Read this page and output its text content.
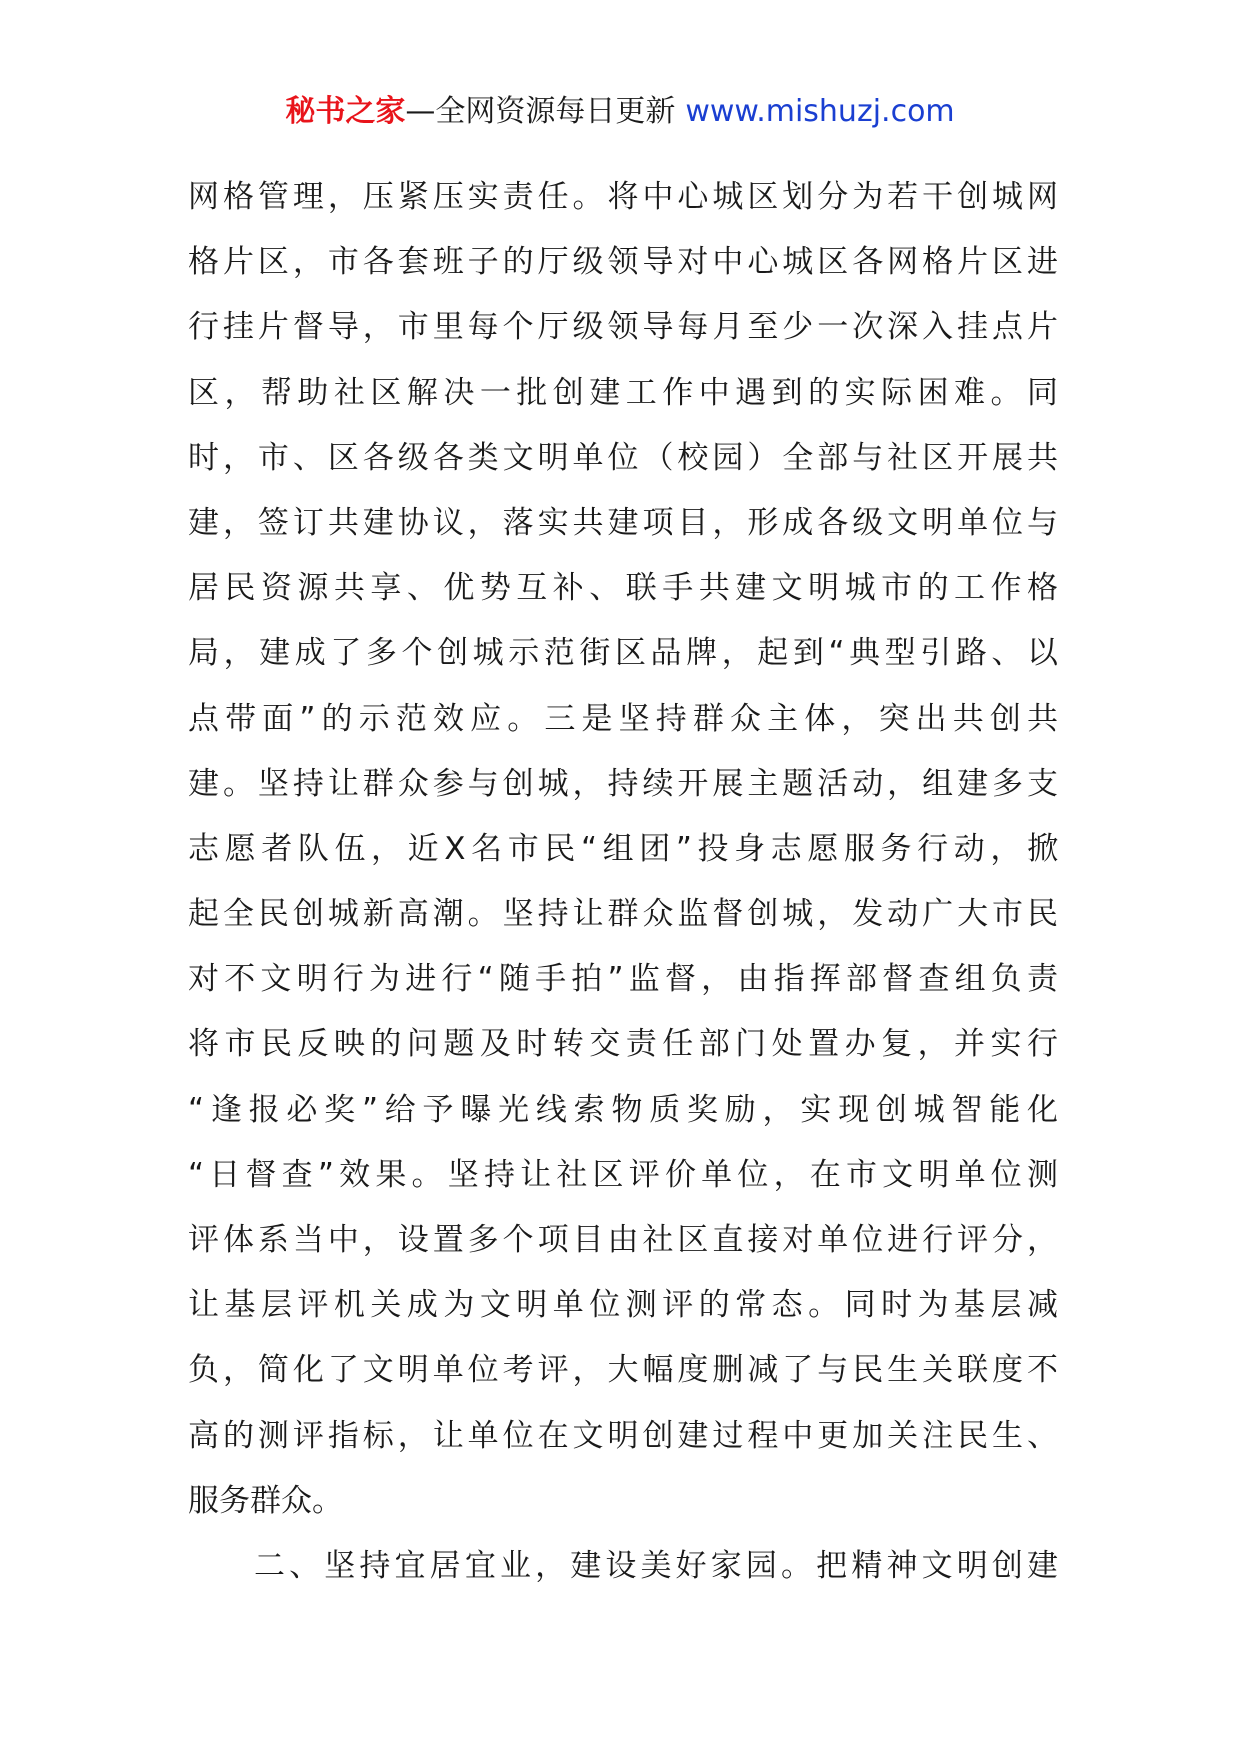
秘书之家—全网资源每日更新 www.mishuzj.com
网格管理，压紧压实责任。将中心城区划分为若干创城网
格片区，市各套班子的厅级领导对中心城区各网格片区进
行挂片督导，市里每个厅级领导每月至少一次深入挂点片
区，帮助社区解决一批创建工作中遇到的实际困难。同
时，市、区各级各类文明单位（校园）全部与社区开展共
建，签订共建协议，落实共建项目，形成各级文明单位与
居民资源共享、优势互补、联手共建文明城市的工作格
局，建成了多个创城示范街区品牌，起到“典型引路、以
点带面”的示范效应。三是坚持群众主体，突出共创共
建。坚持让群众参与创城，持续开展主题活动，组建多支
志愿者队伍，近X名市民“组团”投身志愿服务行动，掀
起全民创城新高潮。坚持让群众监督创城，发动广大市民
对不文明行为进行“随手拍”监督，由指挥部督查组负责
将市民反映的问题及时转交责任部门处置办复，并实行
“逢报必奖”给予曝光线索物质奖励，实现创城智能化
“日督查”效果。坚持让社区评价单位，在市文明单位测
评体系当中，设置多个项目由社区直接对单位进行评分，
让基层评机关成为文明单位测评的常态。同时为基层减
负，简化了文明单位考评，大幅度删减了与民生关联度不
高的测评指标，让单位在文明创建过程中更加关注民生、
服务群众。
二、坚持宜居宜业，建设美好家园。把精神文明创建
